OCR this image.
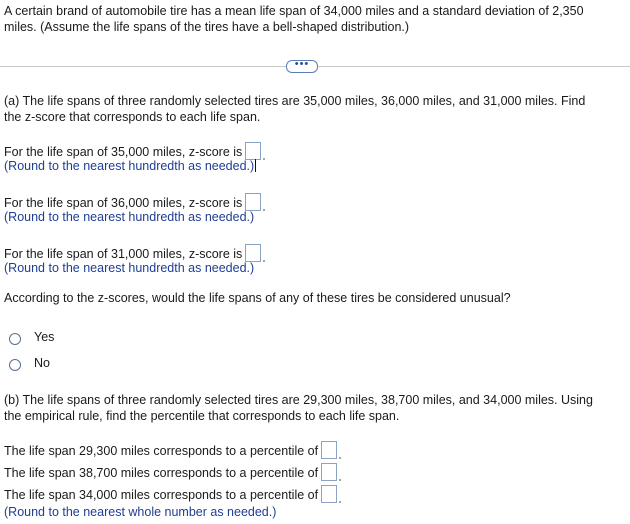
A certain brand of automobile tire has a mean life span of 34,000 miles and a standard deviation of 2,350
miles. (Assume the life spans of the tires have a bell-shaped distribution.)
•••
(a) The life spans of three randomly selected tires are 35,000 miles, 36,000 miles, and 31,000 miles. Find
the z-score that corresponds to each life span.
For the life span of 35,000 miles, z-score is
(Round to the nearest hundredth as needed.)
For the life span of 36,000 miles, z-score is
(Round to the nearest hundredth as needed.)
For the life span of 31,000 miles, z-score is
(Round to the nearest hundredth as needed.)
According to the z-scores, would the life spans of any of these tires be considered unusual?
Yes
No
(b) The life spans of three randomly selected tires are 29,300 miles, 38,700 miles, and 34,000 miles. Using
the empirical rule, find the percentile that corresponds to each life span.
The life span 29,300 miles corresponds to a percentile of
The life span 38,700 miles corresponds to a percentile of
The life span 34,000 miles corresponds to a percentile of
(Round to the nearest whole number as needed.)
